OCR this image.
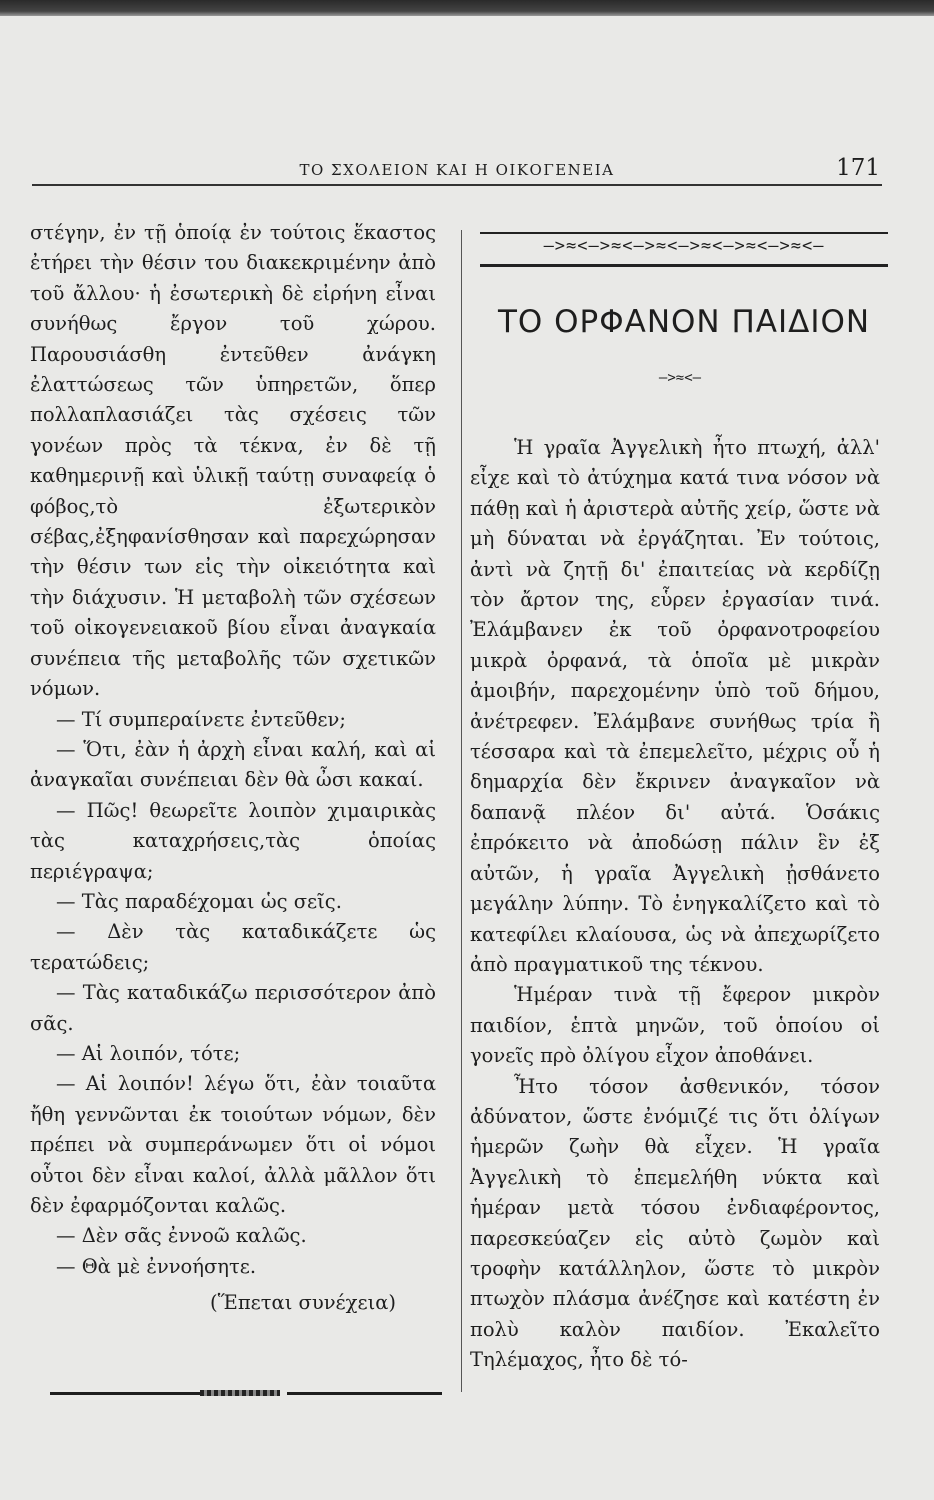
ΤΟ ΣΧΟΛΕΙΟΝ ΚΑΙ Η ΟΙΚΟΓΕΝΕΙΑ	171

στέγην, ἐν τῇ ὁποίᾳ ἐν τούτοις ἕκαστος ἐτήρει τὴν θέσιν του διακεκριμένην ἀπὸ τοῦ ἄλλου· ἡ ἐσωτερικὴ δὲ εἰρήνη εἶναι συνήθως ἔργον τοῦ χώρου. Παρουσιάσθη ἐντεῦθεν ἀνάγκη ἐλαττώσεως τῶν ὑπηρετῶν, ὅπερ πολλαπλασιάζει τὰς σχέσεις τῶν γονέων πρὸς τὰ τέκνα, ἐν δὲ τῇ καθημερινῇ καὶ ὑλικῇ ταύτῃ συναφείᾳ ὁ φόβος,τὸ ἐξωτερικὸν σέβας,ἐξηφανίσθησαν καὶ παρεχώρησαν τὴν θέσιν των εἰς τὴν οἰκειότητα καὶ τὴν διάχυσιν. Ἡ μεταβολὴ τῶν σχέσεων τοῦ οἰκογενειακοῦ βίου εἶναι ἀναγκαία συνέπεια τῆς μεταβολῆς τῶν σχετικῶν νόμων.

— Τί συμπεραίνετε ἐντεῦθεν;

— Ὅτι, ἐὰν ἡ ἀρχὴ εἶναι καλή, καὶ αἱ ἀναγκαῖαι συνέπειαι δὲν θὰ ὦσι κακαί.

— Πῶς! θεωρεῖτε λοιπὸν χιμαιρικὰς τὰς καταχρήσεις,τὰς ὁποίας περιέγραψα;

— Τὰς παραδέχομαι ὡς σεῖς.

— Δὲν τὰς καταδικάζετε ὡς τερατώδεις;

— Τὰς καταδικάζω περισσότερον ἀπὸ σᾶς.

— Αἱ λοιπόν, τότε;

— Αἱ λοιπόν! λέγω ὅτι, ἐὰν τοιαῦτα ἤθη γεννῶνται ἐκ τοιούτων νόμων, δὲν πρέπει νὰ συμπεράνωμεν ὅτι οἱ νόμοι οὗτοι δὲν εἶναι καλοί, ἀλλὰ μᾶλλον ὅτι δὲν ἐφαρμόζονται καλῶς.

— Δὲν σᾶς ἐννοῶ καλῶς.

— Θὰ μὲ ἐννοήσητε.

(Ἕπεται συνέχεια)

—>≈<—>≈<—>≈<—>≈<—>≈<—>≈<—
ΤΟ ΟΡΦΑΝΟΝ ΠΑΙΔΙΟΝ
—>≈<—

Ἡ γραῖα Ἀγγελικὴ ἦτο πτωχή, ἀλλ' εἶχε καὶ τὸ ἀτύχημα κατά τινα νόσον νὰ πάθῃ καὶ ἡ ἀριστερὰ αὐτῆς χείρ, ὥστε νὰ μὴ δύναται νὰ ἐργάζηται. Ἐν τούτοις, ἀντὶ νὰ ζητῇ δι' ἐπαιτείας νὰ κερδίζῃ τὸν ἄρτον της, εὗρεν ἐργασίαν τινά. Ἐλάμβανεν ἐκ τοῦ ὀρφανοτροφείου μικρὰ ὀρφανά, τὰ ὁποῖα μὲ μικρὰν ἀμοιβήν, παρεχομένην ὑπὸ τοῦ δήμου, ἀνέτρεφεν. Ἐλάμβανε συνήθως τρία ἢ τέσσαρα καὶ τὰ ἐπεμελεῖτο, μέχρις οὗ ἡ δημαρχία δὲν ἔκρινεν ἀναγκαῖον νὰ δαπανᾷ πλέον δι' αὐτά. Ὁσάκις ἐπρόκειτο νὰ ἀποδώσῃ πάλιν ἓν ἐξ αὐτῶν, ἡ γραῖα Ἀγγελικὴ ᾐσθάνετο μεγάλην λύπην. Τὸ ἐνηγκαλίζετο καὶ τὸ κατεφίλει κλαίουσα, ὡς νὰ ἀπεχωρίζετο ἀπὸ πραγματικοῦ της τέκνου.

Ἡμέραν τινὰ τῇ ἔφερον μικρὸν παιδίον, ἑπτὰ μηνῶν, τοῦ ὁποίου οἱ γονεῖς πρὸ ὀλίγου εἶχον ἀποθάνει.

Ἦτο τόσον ἀσθενικόν, τόσον ἀδύνατον, ὥστε ἐνόμιζέ τις ὅτι ὀλίγων ἡμερῶν ζωὴν θὰ εἶχεν. Ἡ γραῖα Ἀγγελικὴ τὸ ἐπεμελήθη νύκτα καὶ ἡμέραν μετὰ τόσου ἐνδιαφέροντος, παρεσκεύαζεν εἰς αὐτὸ ζωμὸν καὶ τροφὴν κατάλληλον, ὥστε τὸ μικρὸν πτωχὸν πλάσμα ἀνέζησε καὶ κατέστη ἐν πολὺ καλὸν παιδίον. Ἐκαλεῖτο Τηλέμαχος, ἦτο δὲ τό-
